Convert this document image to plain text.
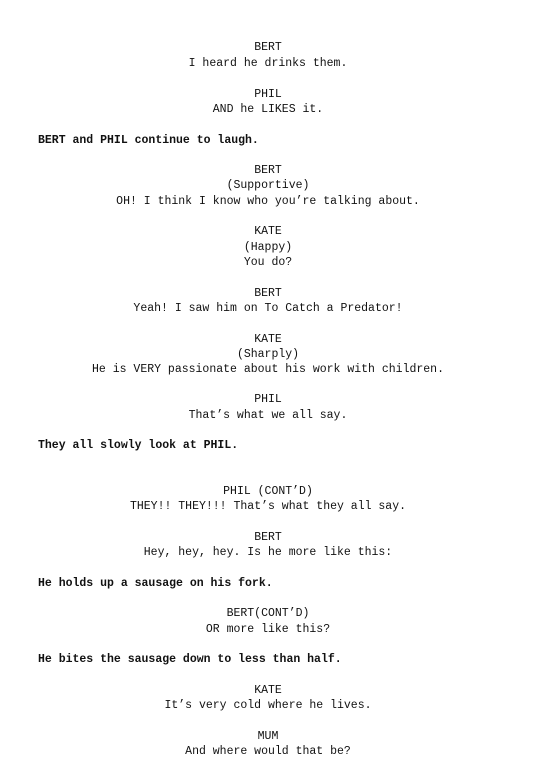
BERT
I heard he drinks them.
PHIL
AND he LIKES it.
BERT and PHIL continue to laugh.
BERT
(Supportive)
OH! I think I know who you’re talking about.
KATE
(Happy)
You do?
BERT
Yeah! I saw him on To Catch a Predator!
KATE
(Sharply)
He is VERY passionate about his work with children.
PHIL
That’s what we all say.
They all slowly look at PHIL.
PHIL (CONT’D)
THEY!! THEY!!! That’s what they all say.
BERT
Hey, hey, hey. Is he more like this:
He holds up a sausage on his fork.
BERT(CONT’D)
OR more like this?
He bites the sausage down to less than half.
KATE
It’s very cold where he lives.
MUM
And where would that be?
